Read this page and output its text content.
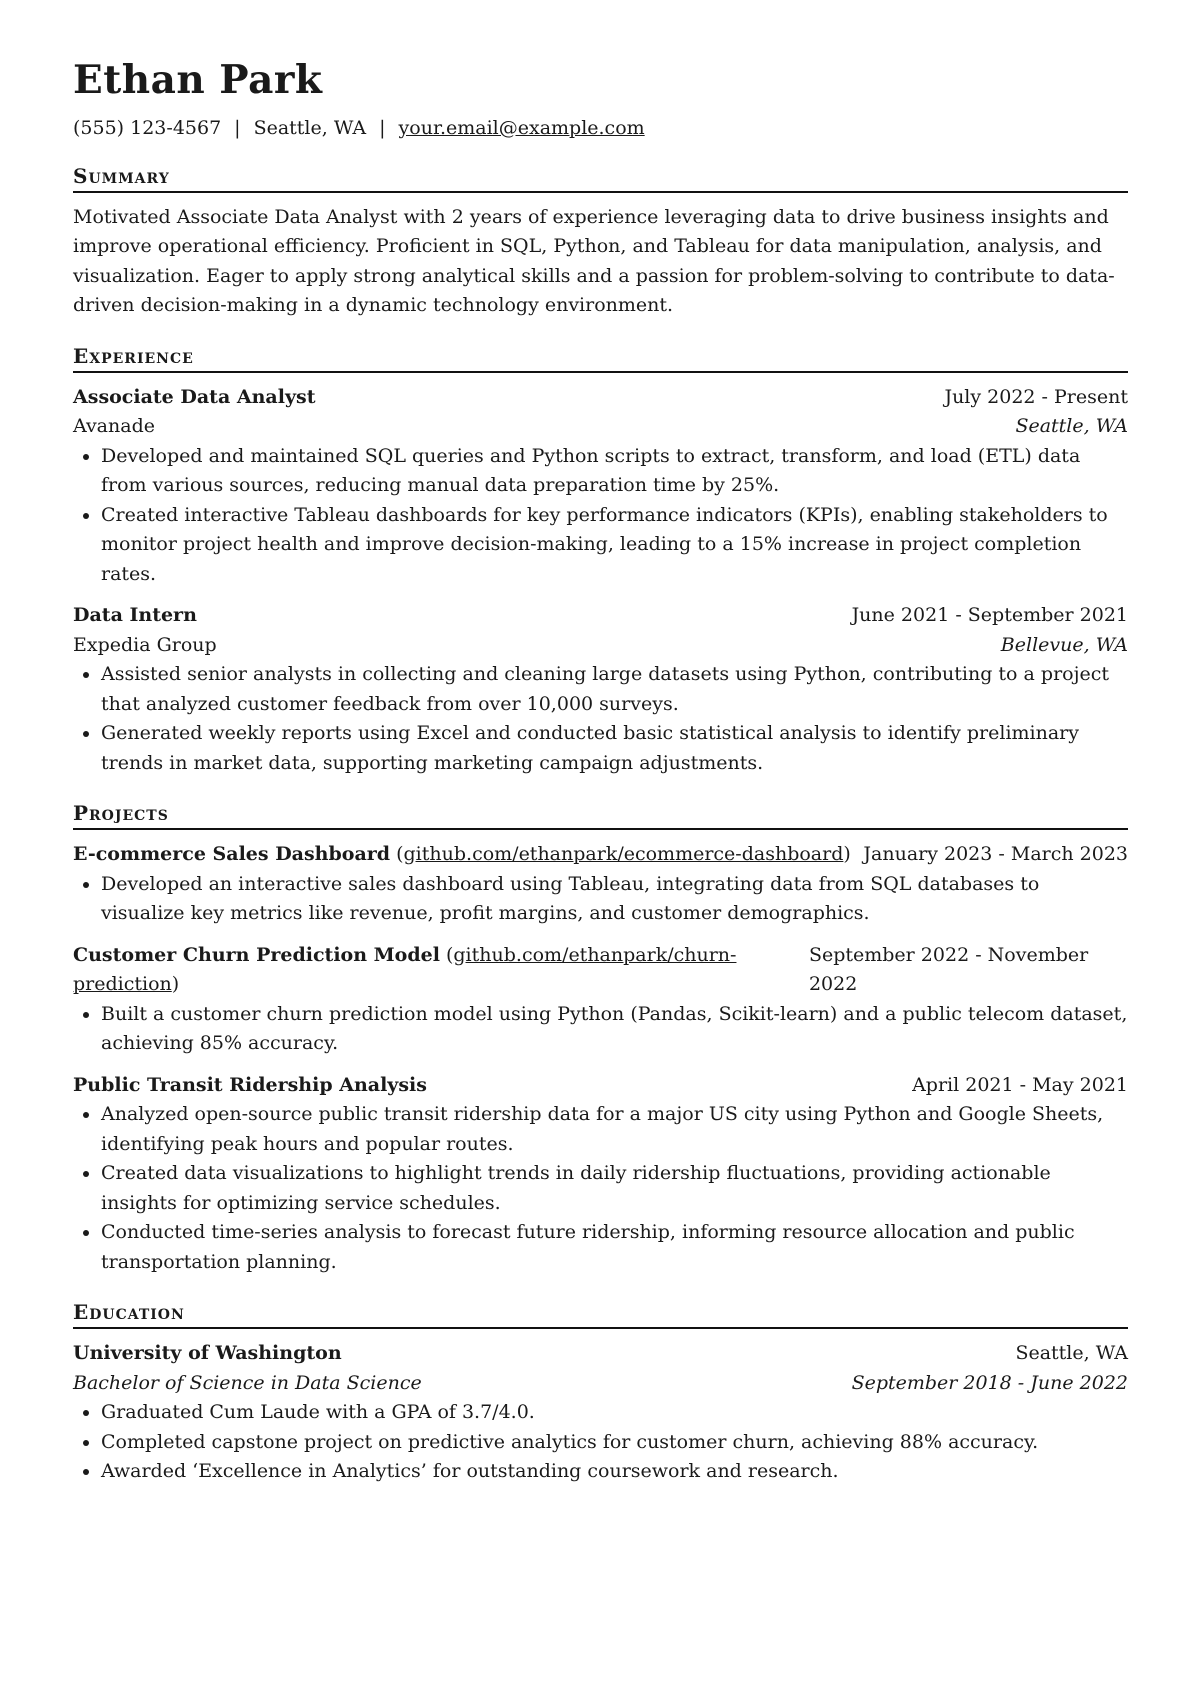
Ethan Park
(555) 123-4567 | Seattle, WA | your.email@example.com
Summary
Motivated Associate Data Analyst with 2 years of experience leveraging data to drive business insights and improve operational efficiency. Proficient in SQL, Python, and Tableau for data manipulation, analysis, and visualization. Eager to apply strong analytical skills and a passion for problem-solving to contribute to data-driven decision-making in a dynamic technology environment.
Experience
Associate Data Analyst	July 2022 - Present
Avanade	Seattle, WA
• Developed and maintained SQL queries and Python scripts to extract, transform, and load (ETL) data from various sources, reducing manual data preparation time by 25%.
• Created interactive Tableau dashboards for key performance indicators (KPIs), enabling stakeholders to monitor project health and improve decision-making, leading to a 15% increase in project completion rates.
Data Intern	June 2021 - September 2021
Expedia Group	Bellevue, WA
• Assisted senior analysts in collecting and cleaning large datasets using Python, contributing to a project that analyzed customer feedback from over 10,000 surveys.
• Generated weekly reports using Excel and conducted basic statistical analysis to identify preliminary trends in market data, supporting marketing campaign adjustments.
Projects
E-commerce Sales Dashboard (github.com/ethanpark/ecommerce-dashboard) January 2023 - March 2023
• Developed an interactive sales dashboard using Tableau, integrating data from SQL databases to visualize key metrics like revenue, profit margins, and customer demographics.
Customer Churn Prediction Model (github.com/ethanpark/churn-prediction)
September 2022 - November 2022
• Built a customer churn prediction model using Python (Pandas, Scikit-learn) and a public telecom dataset, achieving 85% accuracy.
Public Transit Ridership Analysis	April 2021 - May 2021
• Analyzed open-source public transit ridership data for a major US city using Python and Google Sheets, identifying peak hours and popular routes.
• Created data visualizations to highlight trends in daily ridership fluctuations, providing actionable insights for optimizing service schedules.
• Conducted time-series analysis to forecast future ridership, informing resource allocation and public transportation planning.
Education
University of Washington	Seattle, WA
Bachelor of Science in Data Science	September 2018 - June 2022
• Graduated Cum Laude with a GPA of 3.7/4.0.
• Completed capstone project on predictive analytics for customer churn, achieving 88% accuracy.
• Awarded ‘Excellence in Analytics’ for outstanding coursework and research.
